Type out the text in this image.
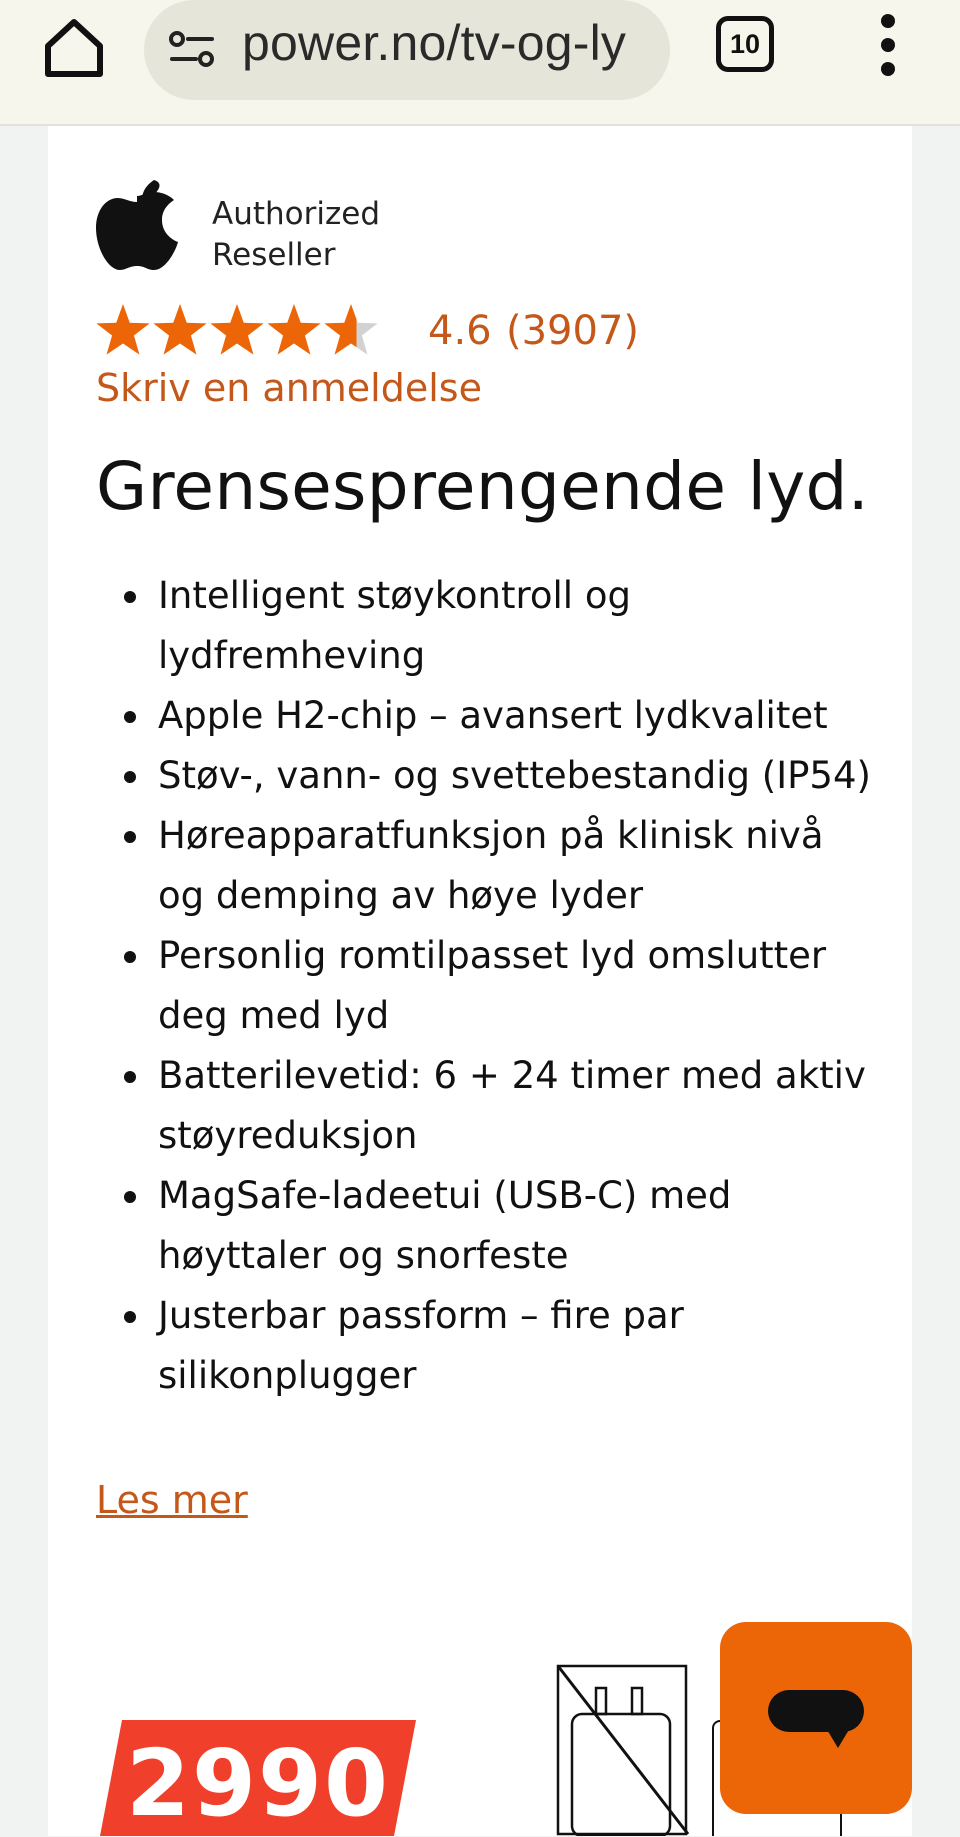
power.no/tv-og-ly	10
Authorized
Reseller
4.6 (3907)
Skriv en anmeldelse
Grensesprengende lyd.
Intelligent støykontroll og lydfremheving
Apple H2-chip – avansert lydkvalitet
Støv-, vann- og svettebestandig (IP54)
Høreapparatfunksjon på klinisk nivå og demping av høye lyder
Personlig romtilpasset lyd omslutter deg med lyd
Batterilevetid: 6 + 24 timer med aktiv støyreduksjon
MagSafe-ladeetui (USB-C) med høyttaler og snorfeste
Justerbar passform – fire par silikonplugger
Les mer
2990
